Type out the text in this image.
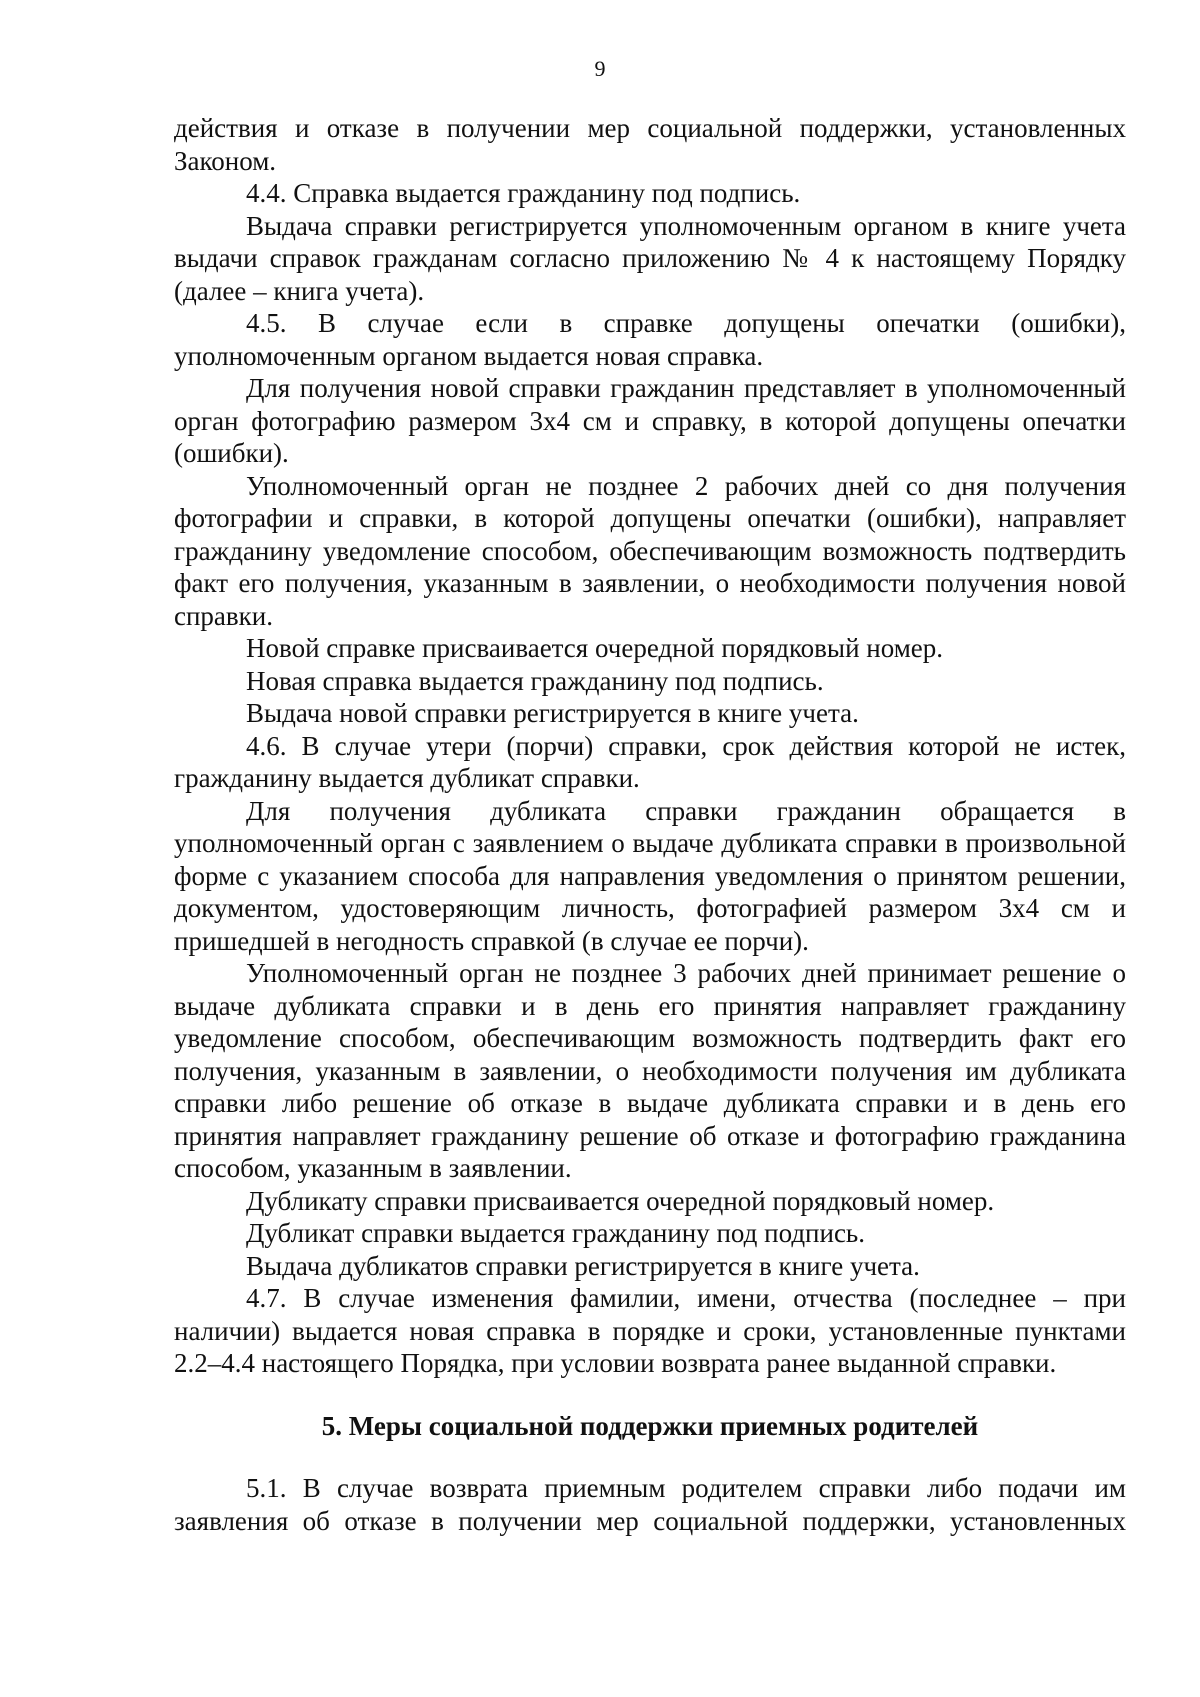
9

действия и отказе в получении мер социальной поддержки, установленных Законом.

4.4. Справка выдается гражданину под подпись.

Выдача справки регистрируется уполномоченным органом в книге учета выдачи справок гражданам согласно приложению № 4 к настоящему Порядку (далее – книга учета).

4.5. В случае если в справке допущены опечатки (ошибки), уполномоченным органом выдается новая справка.

Для получения новой справки гражданин представляет в уполномоченный орган фотографию размером 3х4 см и справку, в которой допущены опечатки (ошибки).

Уполномоченный орган не позднее 2 рабочих дней со дня получения фотографии и справки, в которой допущены опечатки (ошибки), направляет гражданину уведомление способом, обеспечивающим возможность подтвердить факт его получения, указанным в заявлении, о необходимости получения новой справки.

Новой справке присваивается очередной порядковый номер.

Новая справка выдается гражданину под подпись.

Выдача новой справки регистрируется в книге учета.

4.6. В случае утери (порчи) справки, срок действия которой не истек, гражданину выдается дубликат справки.

Для получения дубликата справки гражданин обращается в уполномоченный орган с заявлением о выдаче дубликата справки в произвольной форме с указанием способа для направления уведомления о принятом решении, документом, удостоверяющим личность, фотографией размером 3х4 см и пришедшей в негодность справкой (в случае ее порчи).

Уполномоченный орган не позднее 3 рабочих дней принимает решение о выдаче дубликата справки и в день его принятия направляет гражданину уведомление способом, обеспечивающим возможность подтвердить факт его получения, указанным в заявлении, о необходимости получения им дубликата справки либо решение об отказе в выдаче дубликата справки и в день его принятия направляет гражданину решение об отказе и фотографию гражданина способом, указанным в заявлении.

Дубликату справки присваивается очередной порядковый номер.

Дубликат справки выдается гражданину под подпись.

Выдача дубликатов справки регистрируется в книге учета.

4.7. В случае изменения фамилии, имени, отчества (последнее – при наличии) выдается новая справка в порядке и сроки, установленные пунктами 2.2–4.4 настоящего Порядка, при условии возврата ранее выданной справки.

5. Меры социальной поддержки приемных родителей

5.1. В случае возврата приемным родителем справки либо подачи им заявления об отказе в получении мер социальной поддержки, установленных
